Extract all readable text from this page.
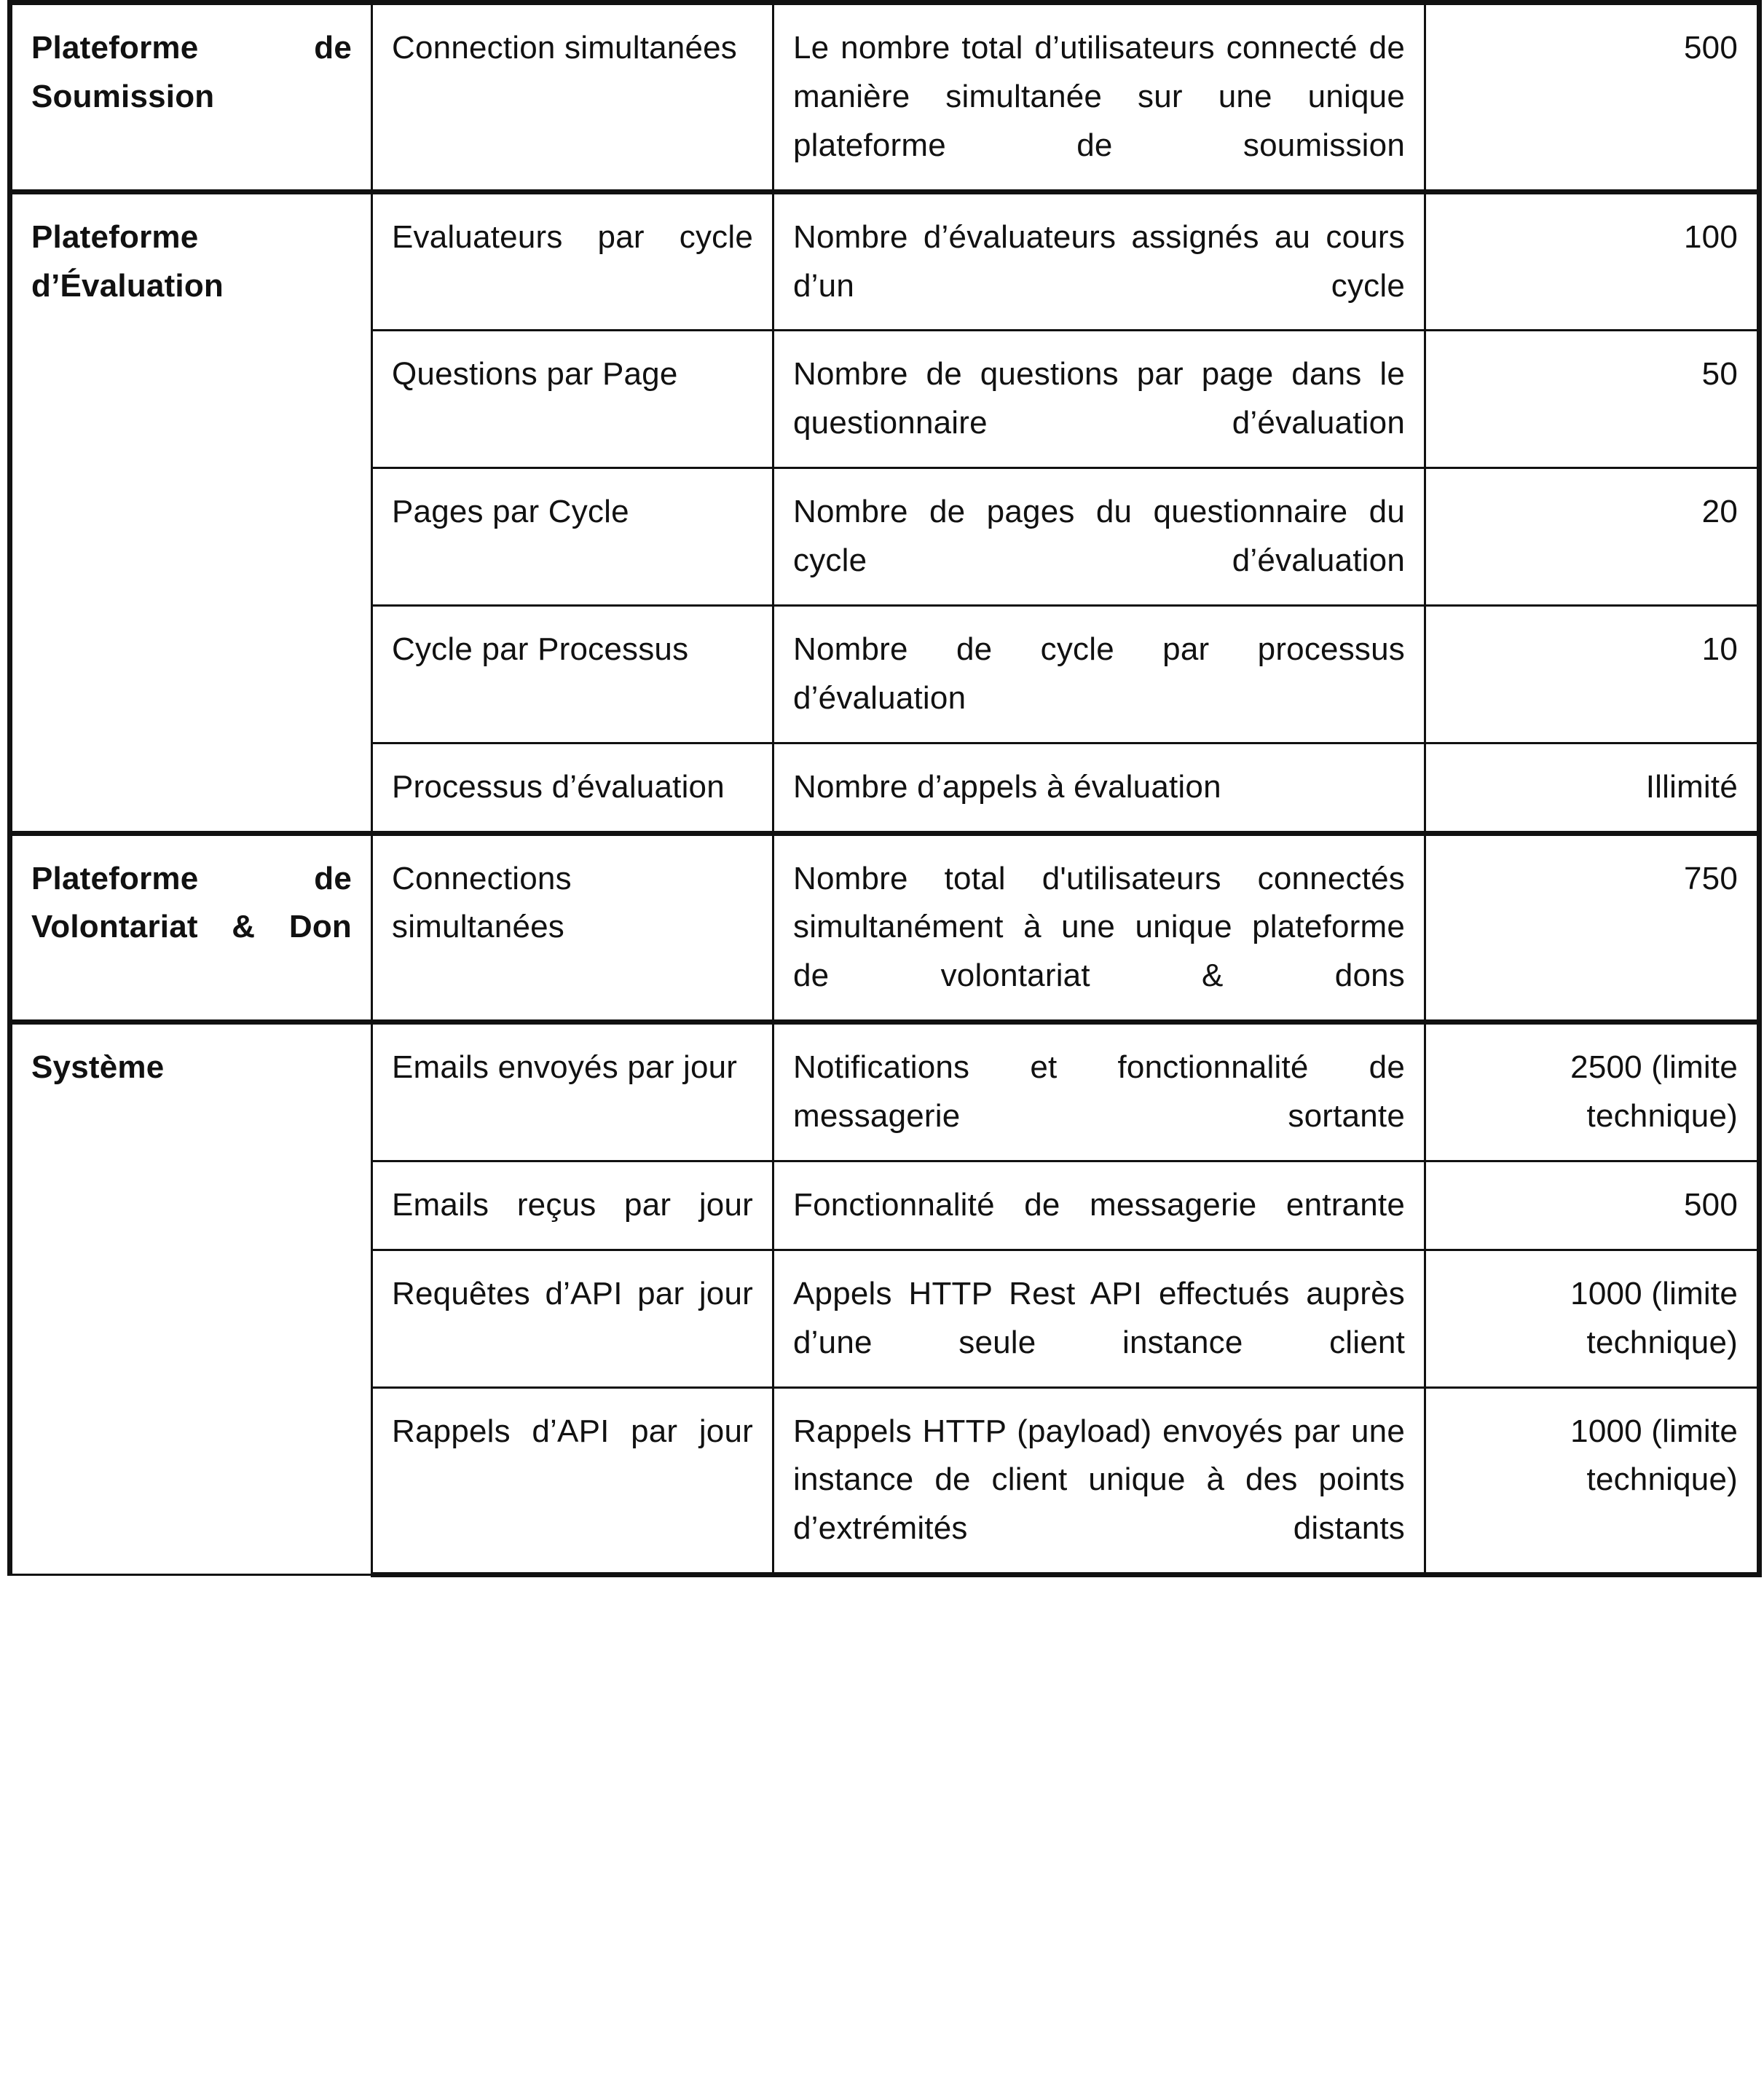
Plateforme de Soumission	Connection simultanées	Le nombre total d’utilisateurs connecté de manière simultanée sur une unique plateforme de soumission	500

Plateforme d’Évaluation	Evaluateurs par cycle	Nombre d’évaluateurs assignés au cours d’un cycle	100
	Questions par Page	Nombre de questions par page dans le questionnaire d’évaluation	50
	Pages par Cycle	Nombre de pages du questionnaire du cycle d’évaluation	20
	Cycle par Processus	Nombre de cycle par processus d’évaluation	10
	Processus d’évaluation	Nombre d’appels à évaluation	Illimité

Plateforme de Volontariat & Don	Connections simultanées	Nombre total d'utilisateurs connectés simultanément à une unique plateforme de volontariat & dons	750

Système	Emails envoyés par jour	Notifications et fonctionnalité de messagerie sortante	2500 (limite technique)
	Emails reçus par jour	Fonctionnalité de messagerie entrante	500
	Requêtes d’API par jour	Appels HTTP Rest API effectués auprès d’une seule instance client	1000 (limite technique)
	Rappels d’API par jour	Rappels HTTP (payload) envoyés par une instance de client unique à des points d’extrémités distants	1000 (limite technique)
